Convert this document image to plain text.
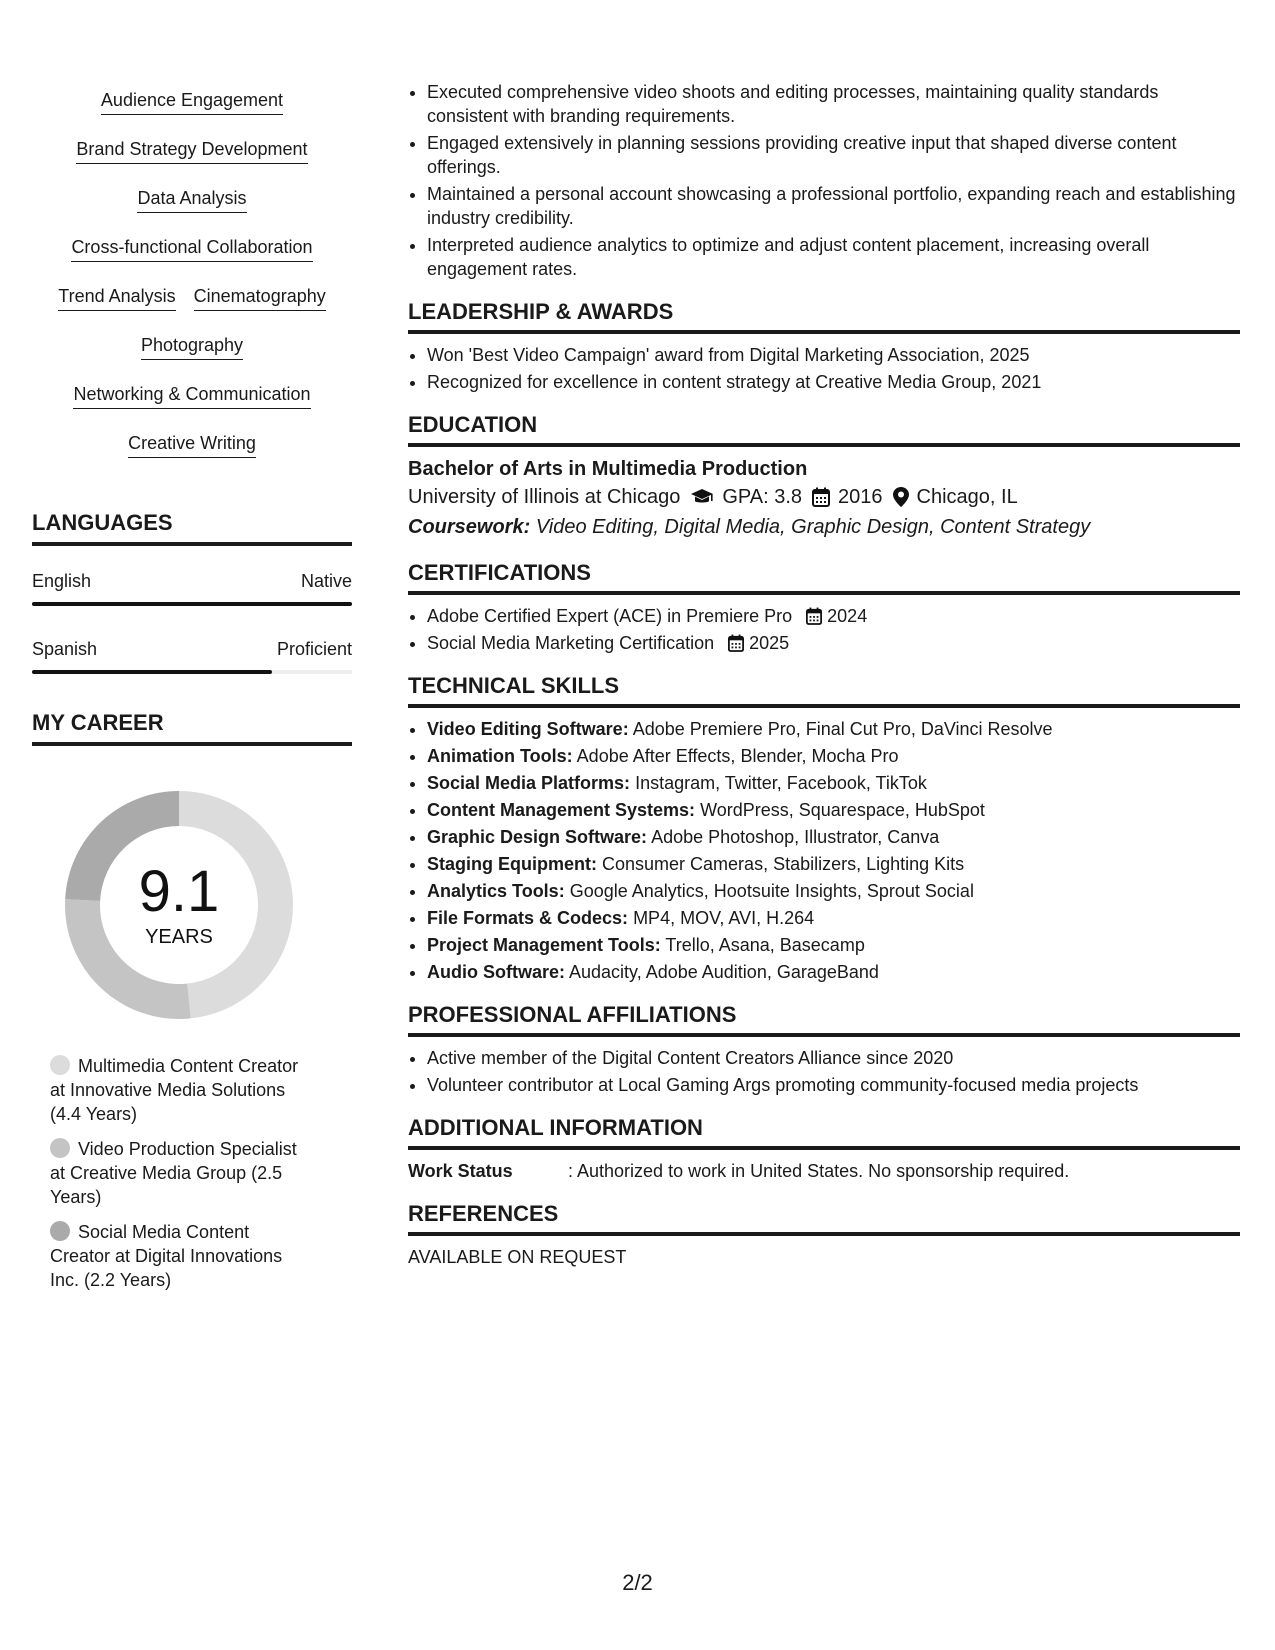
Audience Engagement
Brand Strategy Development
Data Analysis
Cross-functional Collaboration
Trend Analysis Cinematography
Photography
Networking & Communication
Creative Writing
LANGUAGES
English	Native
Spanish	Proficient
MY CAREER
9.1
YEARS
Multimedia Content Creator at Innovative Media Solutions (4.4 Years)
Video Production Specialist at Creative Media Group (2.5 Years)
Social Media Content Creator at Digital Innovations Inc. (2.2 Years)
• Executed comprehensive video shoots and editing processes, maintaining quality standards consistent with branding requirements.
• Engaged extensively in planning sessions providing creative input that shaped diverse content offerings.
• Maintained a personal account showcasing a professional portfolio, expanding reach and establishing industry credibility.
• Interpreted audience analytics to optimize and adjust content placement, increasing overall engagement rates.
LEADERSHIP & AWARDS
• Won 'Best Video Campaign' award from Digital Marketing Association, 2025
• Recognized for excellence in content strategy at Creative Media Group, 2021
EDUCATION
Bachelor of Arts in Multimedia Production
University of Illinois at Chicago GPA: 3.8 2016 Chicago, IL
Coursework: Video Editing, Digital Media, Graphic Design, Content Strategy
CERTIFICATIONS
• Adobe Certified Expert (ACE) in Premiere Pro 2024
• Social Media Marketing Certification 2025
TECHNICAL SKILLS
• Video Editing Software: Adobe Premiere Pro, Final Cut Pro, DaVinci Resolve
• Animation Tools: Adobe After Effects, Blender, Mocha Pro
• Social Media Platforms: Instagram, Twitter, Facebook, TikTok
• Content Management Systems: WordPress, Squarespace, HubSpot
• Graphic Design Software: Adobe Photoshop, Illustrator, Canva
• Staging Equipment: Consumer Cameras, Stabilizers, Lighting Kits
• Analytics Tools: Google Analytics, Hootsuite Insights, Sprout Social
• File Formats & Codecs: MP4, MOV, AVI, H.264
• Project Management Tools: Trello, Asana, Basecamp
• Audio Software: Audacity, Adobe Audition, GarageBand
PROFESSIONAL AFFILIATIONS
• Active member of the Digital Content Creators Alliance since 2020
• Volunteer contributor at Local Gaming Args promoting community-focused media projects
ADDITIONAL INFORMATION
Work Status	: Authorized to work in United States. No sponsorship required.
REFERENCES
AVAILABLE ON REQUEST
2/2
